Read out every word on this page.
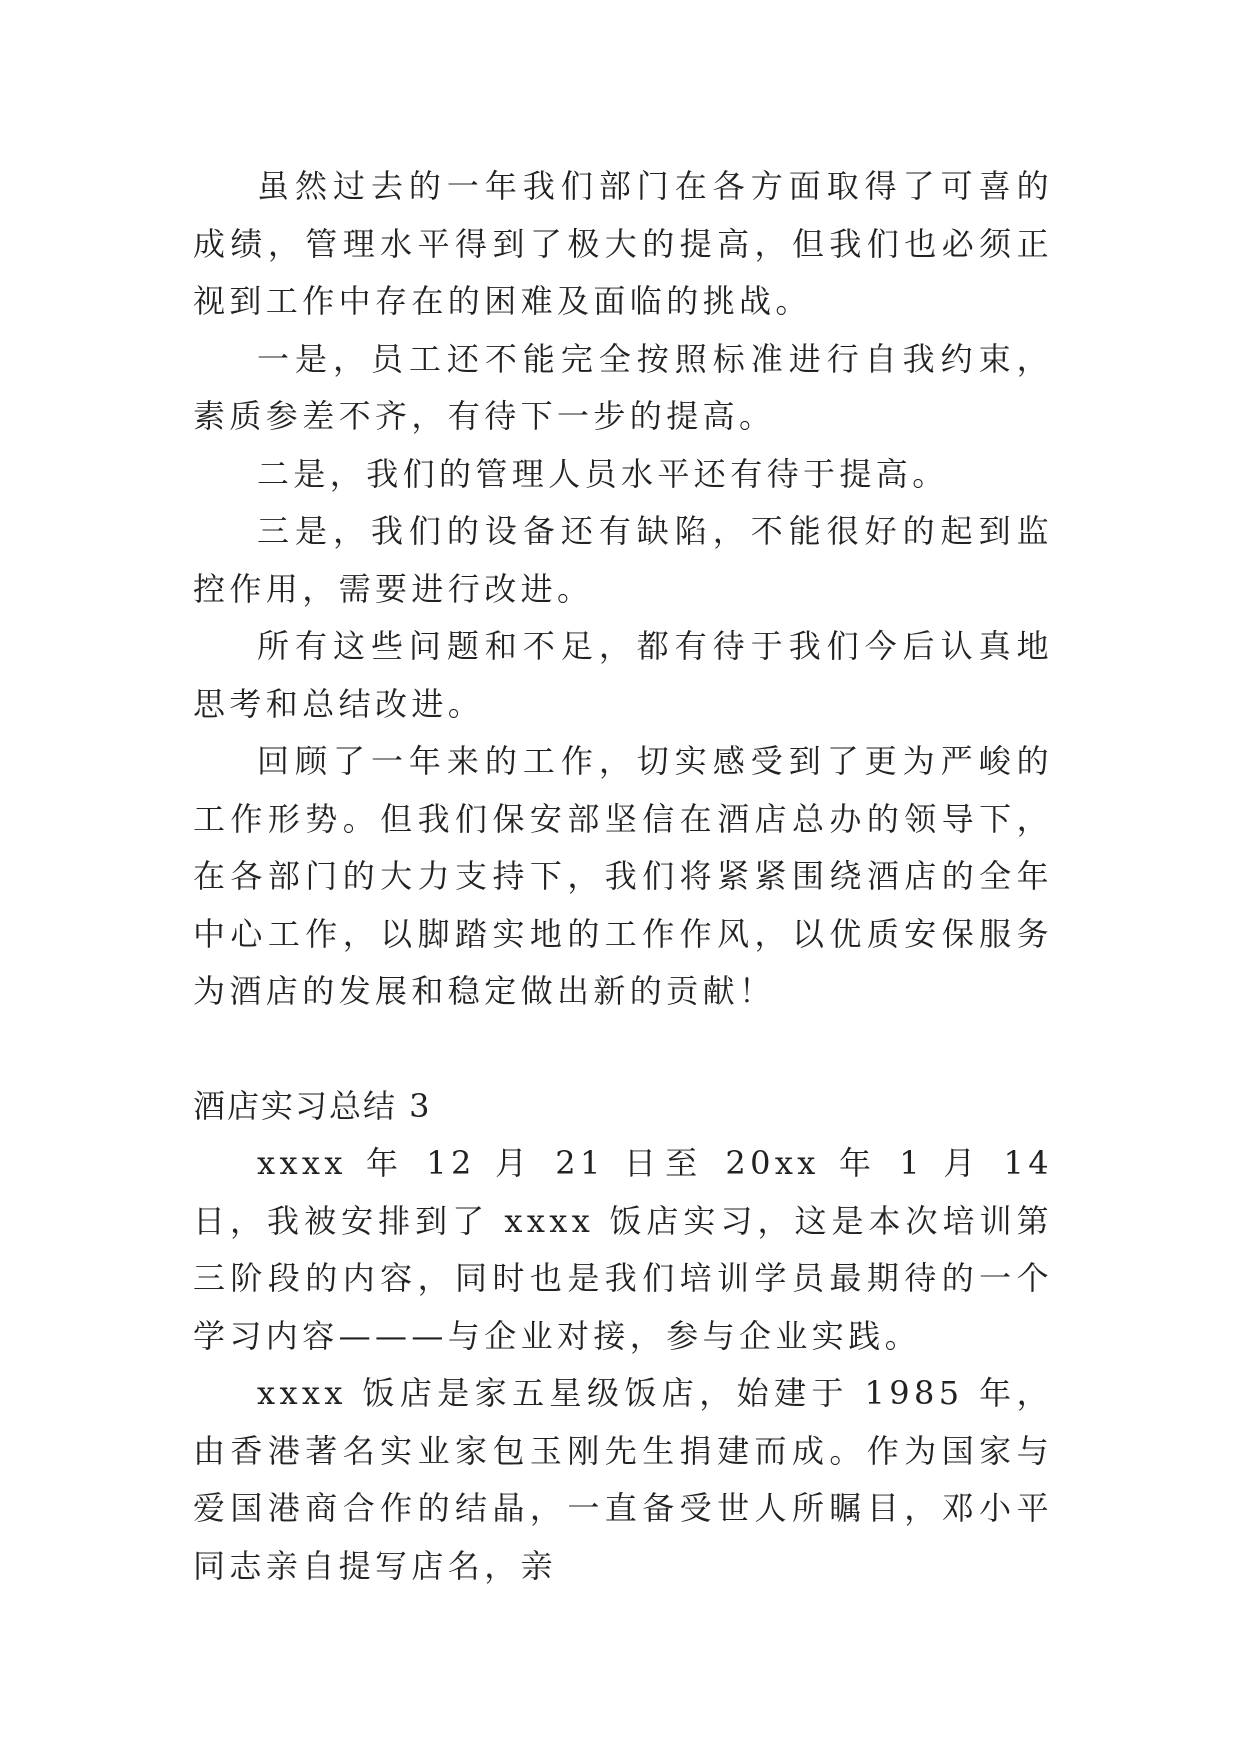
虽然过去的一年我们部门在各方面取得了可喜的成绩，管理水平得到了极大的提高，但我们也必须正视到工作中存在的困难及面临的挑战。

一是，员工还不能完全按照标准进行自我约束，素质参差不齐，有待下一步的提高。

二是，我们的管理人员水平还有待于提高。

三是，我们的设备还有缺陷，不能很好的起到监控作用，需要进行改进。

所有这些问题和不足，都有待于我们今后认真地思考和总结改进。

回顾了一年来的工作，切实感受到了更为严峻的工作形势。但我们保安部坚信在酒店总办的领导下，在各部门的大力支持下，我们将紧紧围绕酒店的全年中心工作，以脚踏实地的工作作风，以优质安保服务为酒店的发展和稳定做出新的贡献！

酒店实习总结 3

xxxx 年 12 月 21 日至 20xx 年 1 月 14 日，我被安排到了 xxxx 饭店实习，这是本次培训第三阶段的内容，同时也是我们培训学员最期待的一个学习内容———与企业对接，参与企业实践。

xxxx 饭店是家五星级饭店，始建于 1985 年，由香港著名实业家包玉刚先生捐建而成。作为国家与爱国港商合作的结晶，一直备受世人所瞩目，邓小平同志亲自提写店名，亲
